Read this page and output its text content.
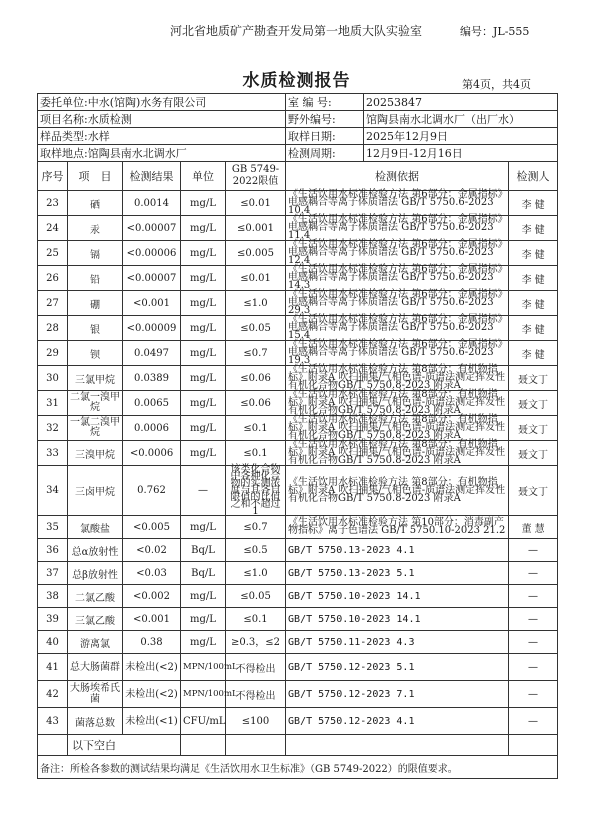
河北省地质矿产勘查开发局第一地质大队实验室	编号：JL-555
水质检测报告	第4页，共4页
委托单位:中水(馆陶)水务有限公司					室 编 号:	20253847	
项目名称:水质检测					野外编号:	馆陶县南水北调水厂（出厂水）	
样品类型:水样					取样日期:	2025年12月9日	
取样地点:馆陶县南水北调水厂					检测周期:	12月9日-12月16日	
序号	项　目	检测结果	单位	GB 5749-
2022限值	检测依据		检测人
23	硒	0.0014	mg/L	≤0.01	《生活饮用水标准检验方法 第6部分：金属指标》电感耦合等离子体质谱法 GB/T 5750.6-2023 10.4		李 健
24	汞	<0.00007	mg/L	≤0.001	《生活饮用水标准检验方法 第6部分：金属指标》电感耦合等离子体质谱法 GB/T 5750.6-2023 11.4		李 健
25	镉	<0.00006	mg/L	≤0.005	《生活饮用水标准检验方法 第6部分：金属指标》电感耦合等离子体质谱法 GB/T 5750.6-2023 12.4		李 健
26	铅	<0.00007	mg/L	≤0.01	《生活饮用水标准检验方法 第6部分：金属指标》电感耦合等离子体质谱法 GB/T 5750.6-2023 14.3		李 健
27	硼	<0.001	mg/L	≤1.0	《生活饮用水标准检验方法 第6部分：金属指标》电感耦合等离子体质谱法 GB/T 5750.6-2023 29.3		李 健
28	银	<0.00009	mg/L	≤0.05	《生活饮用水标准检验方法 第6部分：金属指标》电感耦合等离子体质谱法 GB/T 5750.6-2023 15.4		李 健
29	钡	0.0497	mg/L	≤0.7	《生活饮用水标准检验方法 第6部分：金属指标》电感耦合等离子体质谱法 GB/T 5750.6-2023 19.3		李 健
30	三氯甲烷	0.0389	mg/L	≤0.06	《生活饮用水标准检验方法 第8部分：有机物指标》附录A 吹扫捕集/气相色谱-质谱法测定挥发性有机化合物GB/T 5750.8-2023 附录A		聂文丁
31	二氯一溴甲烷	0.0065	mg/L	≤0.06	《生活饮用水标准检验方法 第8部分：有机物指标》附录A 吹扫捕集/气相色谱-质谱法测定挥发性有机化合物GB/T 5750.8-2023 附录A		聂文丁
32	一氯二溴甲烷	0.0006	mg/L	≤0.1	《生活饮用水标准检验方法 第8部分：有机物指标》附录A 吹扫捕集/气相色谱-质谱法测定挥发性有机化合物GB/T 5750.8-2023 附录A		聂文丁
33	三溴甲烷	<0.0006	mg/L	≤0.1	《生活饮用水标准检验方法 第8部分：有机物指标》附录A 吹扫捕集/气相色谱-质谱法测定挥发性有机化合物GB/T 5750.8-2023 附录A		聂文丁
34	三卤甲烷	0.762	—	该类化合物中各种化合物的实测浓度与其各自限值的比值之和不超过1	《生活饮用水标准检验方法 第8部分：有机物指标》附录A 吹扫捕集/气相色谱-质谱法测定挥发性有机化合物GB/T 5750.8-2023 附录A		聂文丁
35	氯酸盐	<0.005	mg/L	≤0.7	《生活饮用水标准检验方法 第10部分：消毒副产物指标》离子色谱法 GB/T 5750.10-2023 21.2		董 慧
36	总α放射性	<0.02	Bq/L	≤0.5	GB/T 5750.13-2023 4.1		—
37	总β放射性	<0.03	Bq/L	≤1.0	GB/T 5750.13-2023 5.1		—
38	二氯乙酸	<0.002	mg/L	≤0.05	GB/T 5750.10-2023 14.1		—
39	三氯乙酸	<0.001	mg/L	≤0.1	GB/T 5750.10-2023 14.1		—
40	游离氯	0.38	mg/L	≥0.3，≤2	GB/T 5750.11-2023 4.3		—
41	总大肠菌群	未检出(<2)	MPN/100mL	不得检出	GB/T 5750.12-2023 5.1		—
42	大肠埃希氏菌	未检出(<2)	MPN/100mL	不得检出	GB/T 5750.12-2023 7.1		—
43	菌落总数	未检出(<1)	CFU/mL	≤100	GB/T 5750.12-2023 4.1		—
	以下空白						
备注：所检各参数的测试结果均满足《生活饮用水卫生标准》（GB 5749-2022）的限值要求。							
